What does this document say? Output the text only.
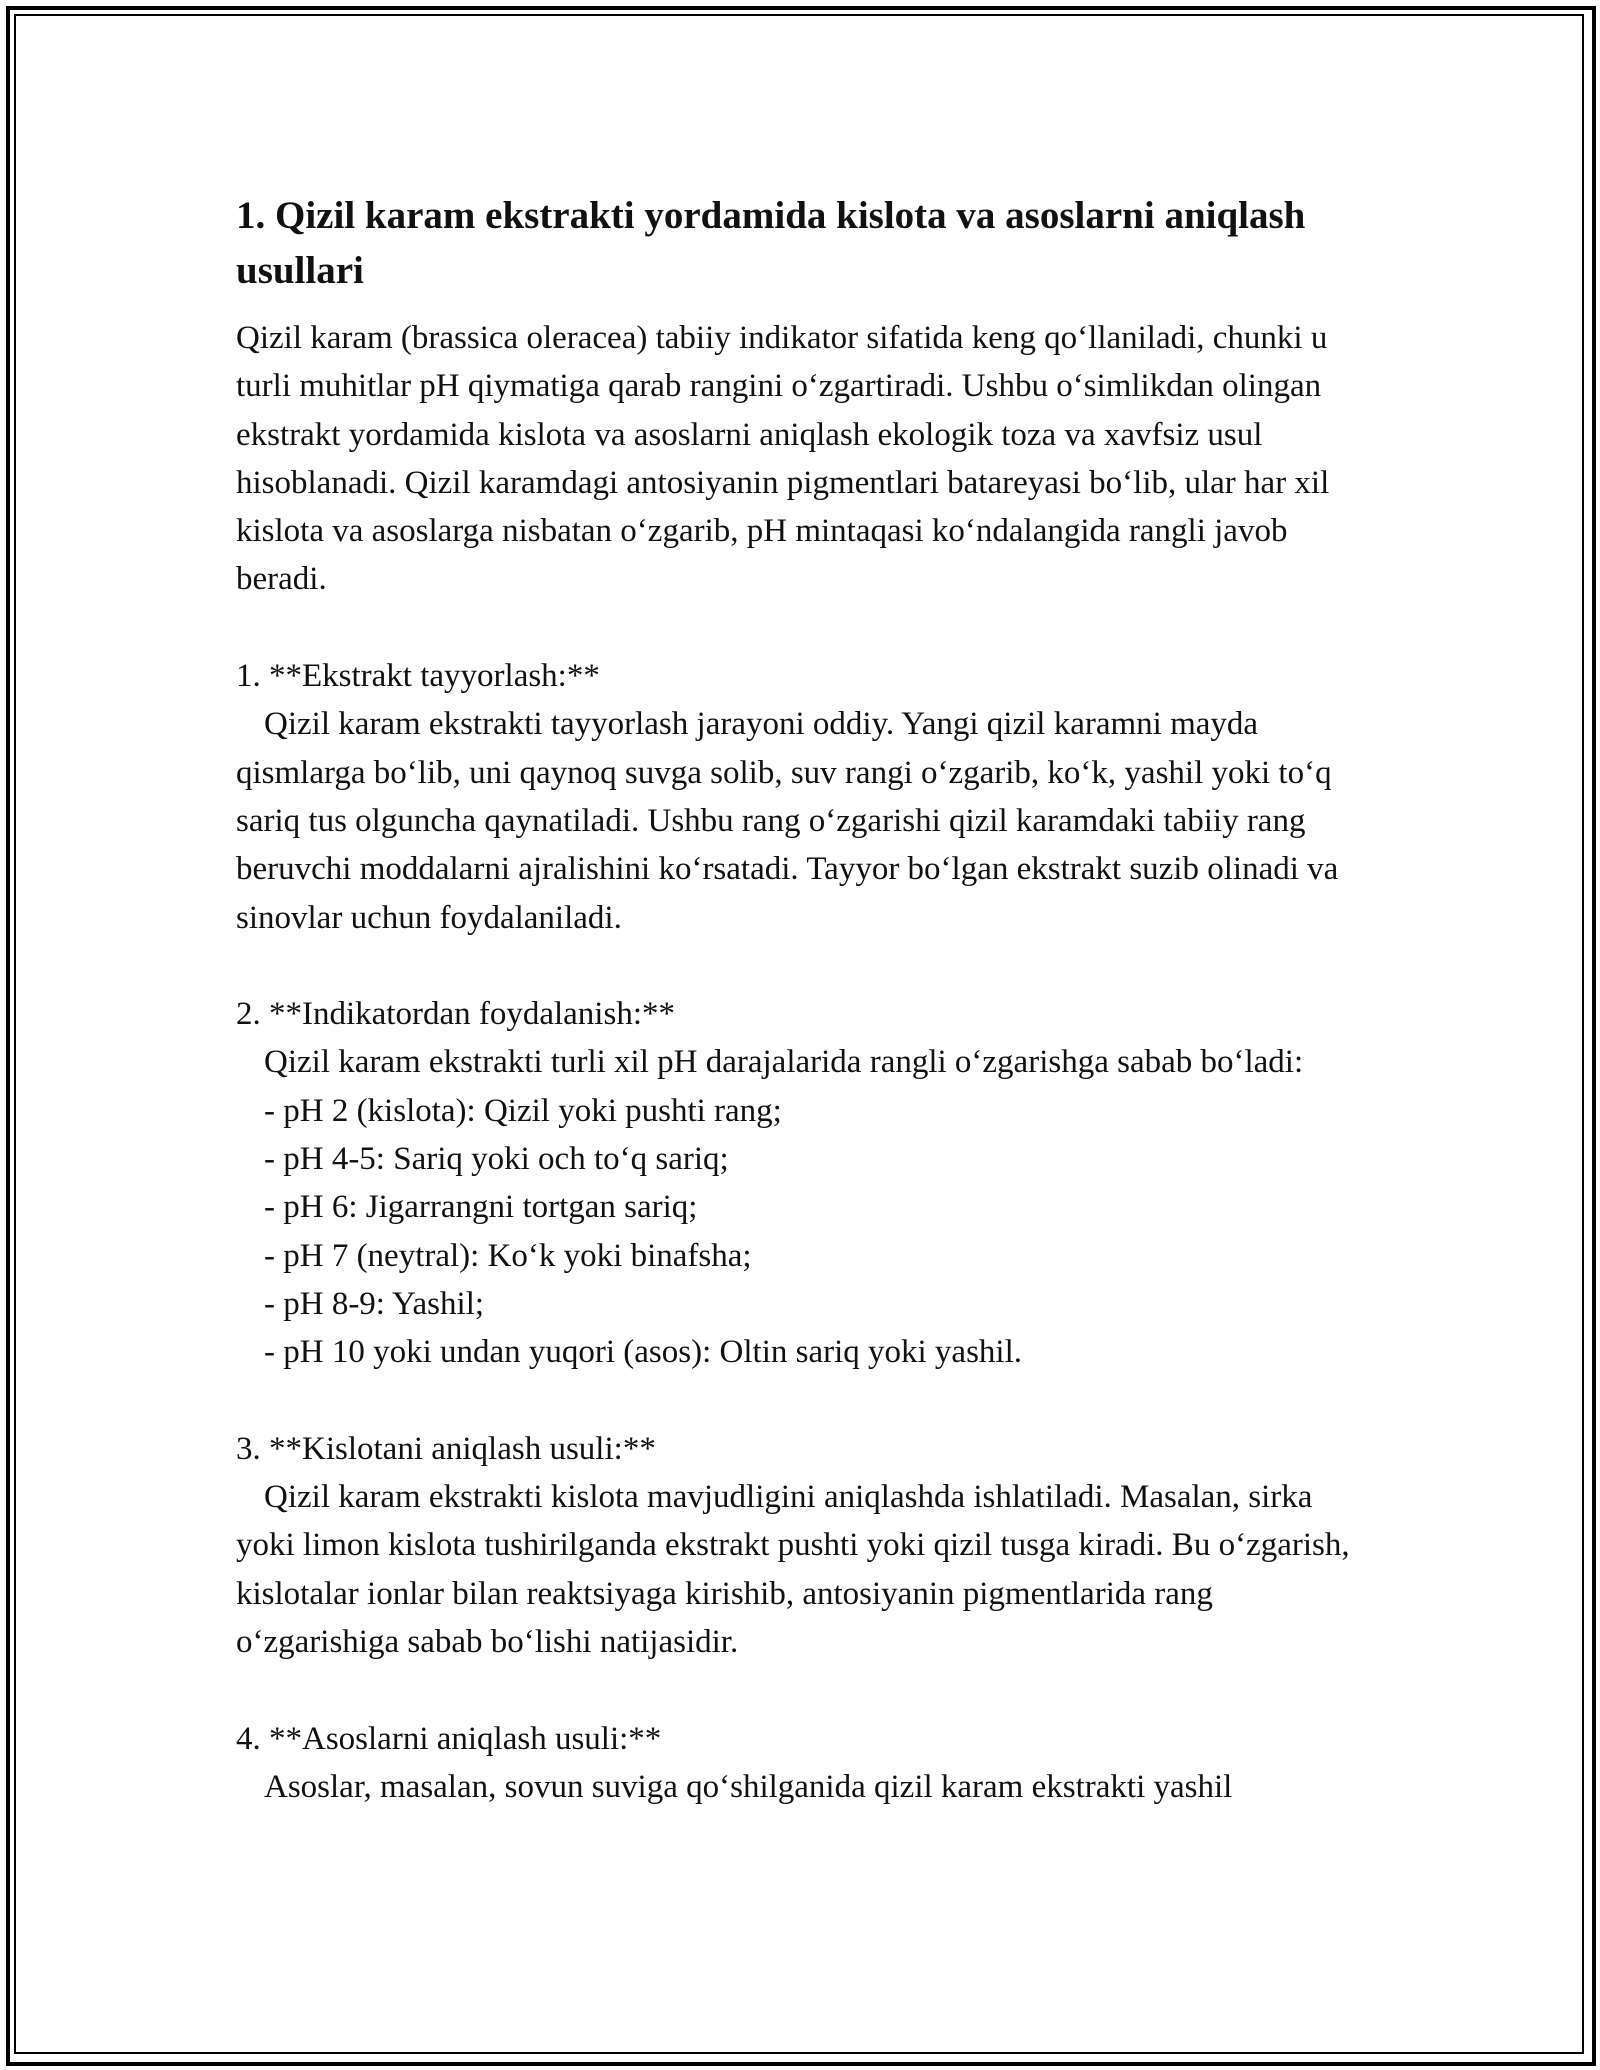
1. Qizil karam ekstrakti yordamida kislota va asoslarni aniqlash usullari

Qizil karam (brassica oleracea) tabiiy indikator sifatida keng qo‘llaniladi, chunki u turli muhitlar pH qiymatiga qarab rangini o‘zgartiradi. Ushbu o‘simlikdan olingan ekstrakt yordamida kislota va asoslarni aniqlash ekologik toza va xavfsiz usul hisoblanadi. Qizil karamdagi antosiyanin pigmentlari batareyasi bo‘lib, ular har xil kislota va asoslarga nisbatan o‘zgarib, pH mintaqasi ko‘ndalangida rangli javob beradi.

1. **Ekstrakt tayyorlash:**
Qizil karam ekstrakti tayyorlash jarayoni oddiy. Yangi qizil karamni mayda qismlarga bo‘lib, uni qaynoq suvga solib, suv rangi o‘zgarib, ko‘k, yashil yoki to‘q sariq tus olguncha qaynatiladi. Ushbu rang o‘zgarishi qizil karamdaki tabiiy rang beruvchi moddalarni ajralishini ko‘rsatadi. Tayyor bo‘lgan ekstrakt suzib olinadi va sinovlar uchun foydalaniladi.
2. **Indikatordan foydalanish:**
Qizil karam ekstrakti turli xil pH darajalarida rangli o‘zgarishga sabab bo‘ladi:
- pH 2 (kislota): Qizil yoki pushti rang;
- pH 4-5: Sariq yoki och to‘q sariq;
- pH 6: Jigarrangni tortgan sariq;
- pH 7 (neytral): Ko‘k yoki binafsha;
- pH 8-9: Yashil;
- pH 10 yoki undan yuqori (asos): Oltin sariq yoki yashil.
3. **Kislotani aniqlash usuli:**
Qizil karam ekstrakti kislota mavjudligini aniqlashda ishlatiladi. Masalan, sirka yoki limon kislota tushirilganda ekstrakt pushti yoki qizil tusga kiradi. Bu o‘zgarish, kislotalar ionlar bilan reaktsiyaga kirishib, antosiyanin pigmentlarida rang o‘zgarishiga sabab bo‘lishi natijasidir.
4. **Asoslarni aniqlash usuli:**
Asoslar, masalan, sovun suviga qo‘shilganida qizil karam ekstrakti yashil
